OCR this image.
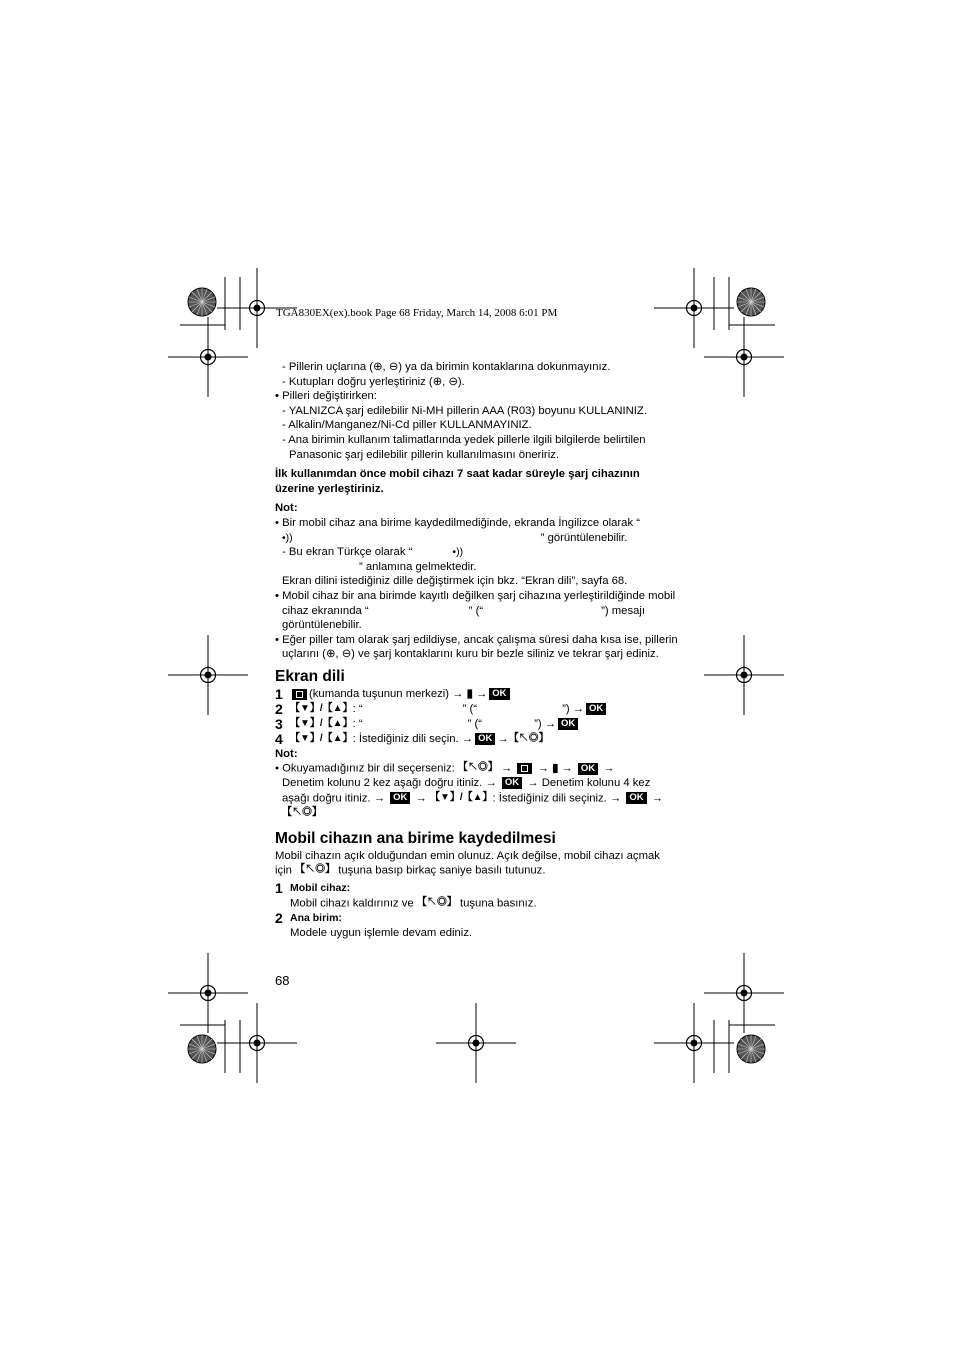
TGA830EX(ex).book Page 68 Friday, March 14, 2008 6:01 PM
- Pillerin uçlarına (⊕, ⊖) ya da birimin kontaklarına dokunmayınız.
- Kutupları doğru yerleştiriniz (⊕, ⊖).
• Pilleri değiştirirken:
- YALNIZCA şarj edilebilir Ni-MH pillerin AAA (R03) boyunu KULLANINIZ.
- Alkalin/Manganez/Ni-Cd piller KULLANMAYINIZ.
- Ana birimin kullanım talimatlarında yedek pillerle ilgili bilgilerde belirtilen
Panasonic şarj edilebilir pillerin kullanılmasını öneririz.
İlk kullanımdan önce mobil cihazı 7 saat kadar süreyle şarj cihazının
üzerine yerleştiriniz.
Not:
• Bir mobil cihaz ana birime kaydedilmediğinde, ekranda İngilizce olarak “
•))	” görüntülenebilir.
- Bu ekran Türkçe olarak “	•))
” anlamına gelmektedir.
Ekran dilini istediğiniz dille değiştirmek için bkz. “Ekran dili”, sayfa 68.
• Mobil cihaz bir ana birimde kayıtlı değilken şarj cihazına yerleştirildiğinde mobil
cihaz ekranında “	” (“	”) mesajı
görüntülenebilir.
• Eğer piller tam olarak şarj edildiyse, ancak çalışma süresi daha kısa ise, pillerin
uçlarını (⊕, ⊖) ve şarj kontaklarını kuru bir bezle siliniz ve tekrar şarj ediniz.
Ekran dili
1	(kumanda tuşunun merkezi)
→
▮
→ OK
2 【▼】/【▲】 : “	” (“	”)
→ OK
3 【▼】/【▲】 : “	” (“	”)
→ OK
4 【▼】/【▲】 : İstediğiniz dili seçin.
→ OK → 【↖◎】
Not:
• Okuyamadığınız bir dil seçerseniz: 【↖◎】 → → ▮ → OK →
Denetim kolunu 2 kez aşağı doğru itiniz. → OK → Denetim kolunu 4 kez
aşağı doğru itiniz. → OK → 【▼】/【▲】: İstediğiniz dili seçiniz. → OK →
【↖◎】
Mobil cihazın ana birime kaydedilmesi
Mobil cihazın açık olduğundan emin olunuz. Açık değilse, mobil cihazı açmak
için 【↖◎】 tuşuna basıp birkaç saniye basılı tutunuz.
1 Mobil cihaz:
Mobil cihazı kaldırınız ve 【↖◎】 tuşuna basınız.
2 Ana birim:
Modele uygun işlemle devam ediniz.
68
